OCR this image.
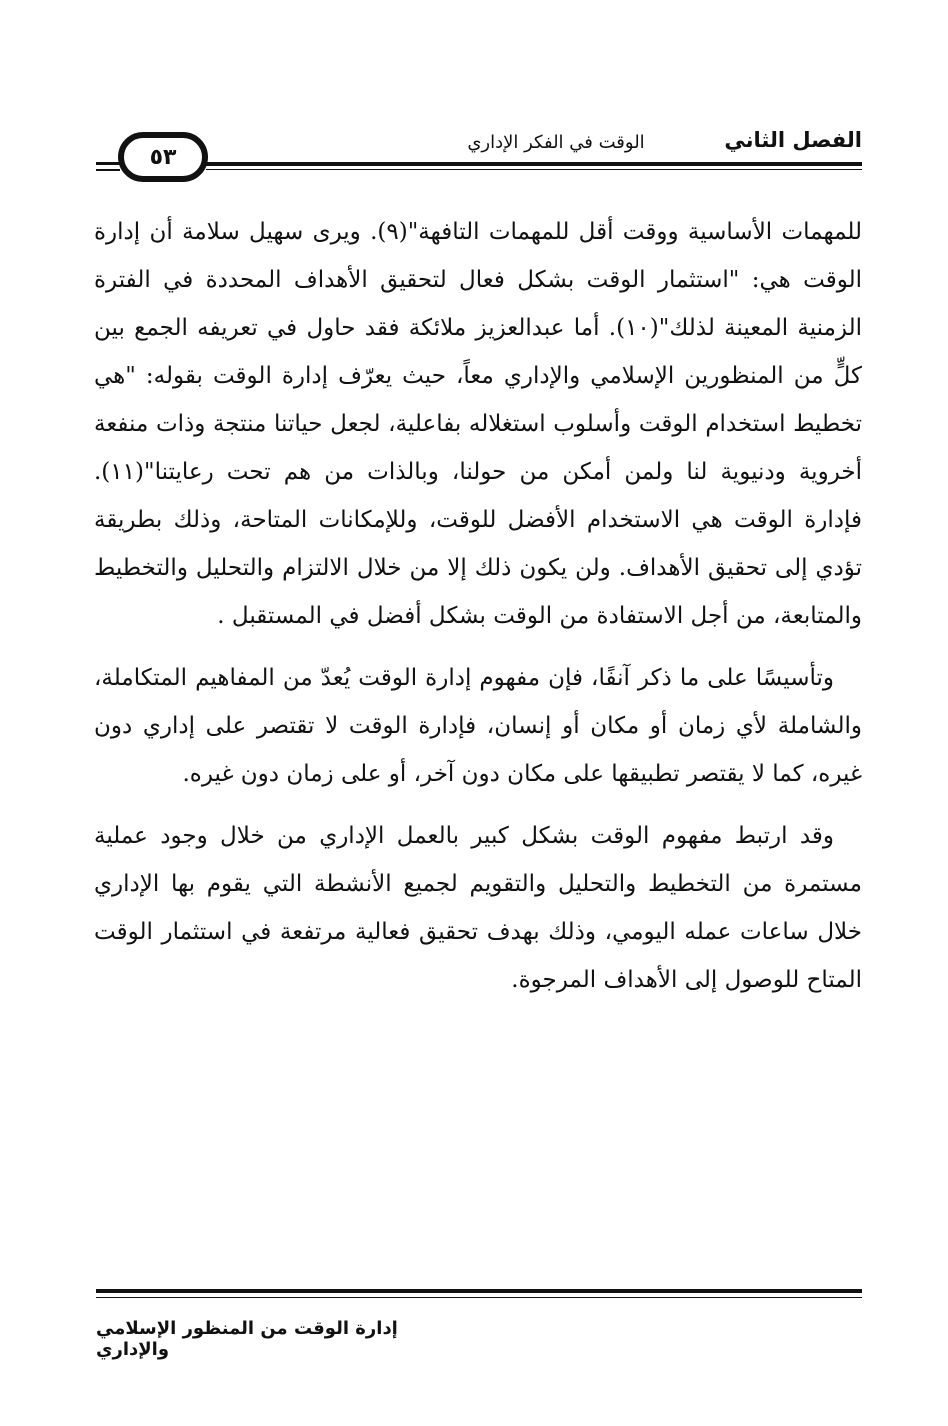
الفصل الثاني
الوقت في الفكر الإداري
٥٣

للمهمات الأساسية ووقت أقل للمهمات التافهة"(٩). ويرى سهيل سلامة أن إدارة الوقت هي: "استثمار الوقت بشكل فعال لتحقيق الأهداف المحددة في الفترة الزمنية المعينة لذلك"(١٠). أما عبدالعزيز ملائكة فقد حاول في تعريفه الجمع بين كلٍّ من المنظورين الإسلامي والإداري معاً، حيث يعرّف إدارة الوقت بقوله: "هي تخطيط استخدام الوقت وأسلوب استغلاله بفاعلية، لجعل حياتنا منتجة وذات منفعة أخروية ودنيوية لنا ولمن أمكن من حولنا، وبالذات من هم تحت رعايتنا"(١١). فإدارة الوقت هي الاستخدام الأفضل للوقت، وللإمكانات المتاحة، وذلك بطريقة تؤدي إلى تحقيق الأهداف. ولن يكون ذلك إلا من خلال الالتزام والتحليل والتخطيط والمتابعة، من أجل الاستفادة من الوقت بشكل أفضل في المستقبل .

وتأسيسًا على ما ذكر آنفًا، فإن مفهوم إدارة الوقت يُعدّ من المفاهيم المتكاملة، والشاملة لأي زمان أو مكان أو إنسان، فإدارة الوقت لا تقتصر على إداري دون غيره، كما لا يقتصر تطبيقها على مكان دون آخر، أو على زمان دون غيره.

وقد ارتبط مفهوم الوقت بشكل كبير بالعمل الإداري من خلال وجود عملية مستمرة من التخطيط والتحليل والتقويم لجميع الأنشطة التي يقوم بها الإداري خلال ساعات عمله اليومي، وذلك بهدف تحقيق فعالية مرتفعة في استثمار الوقت المتاح للوصول إلى الأهداف المرجوة.

إدارة الوقت من المنظور الإسلامي والإداري
